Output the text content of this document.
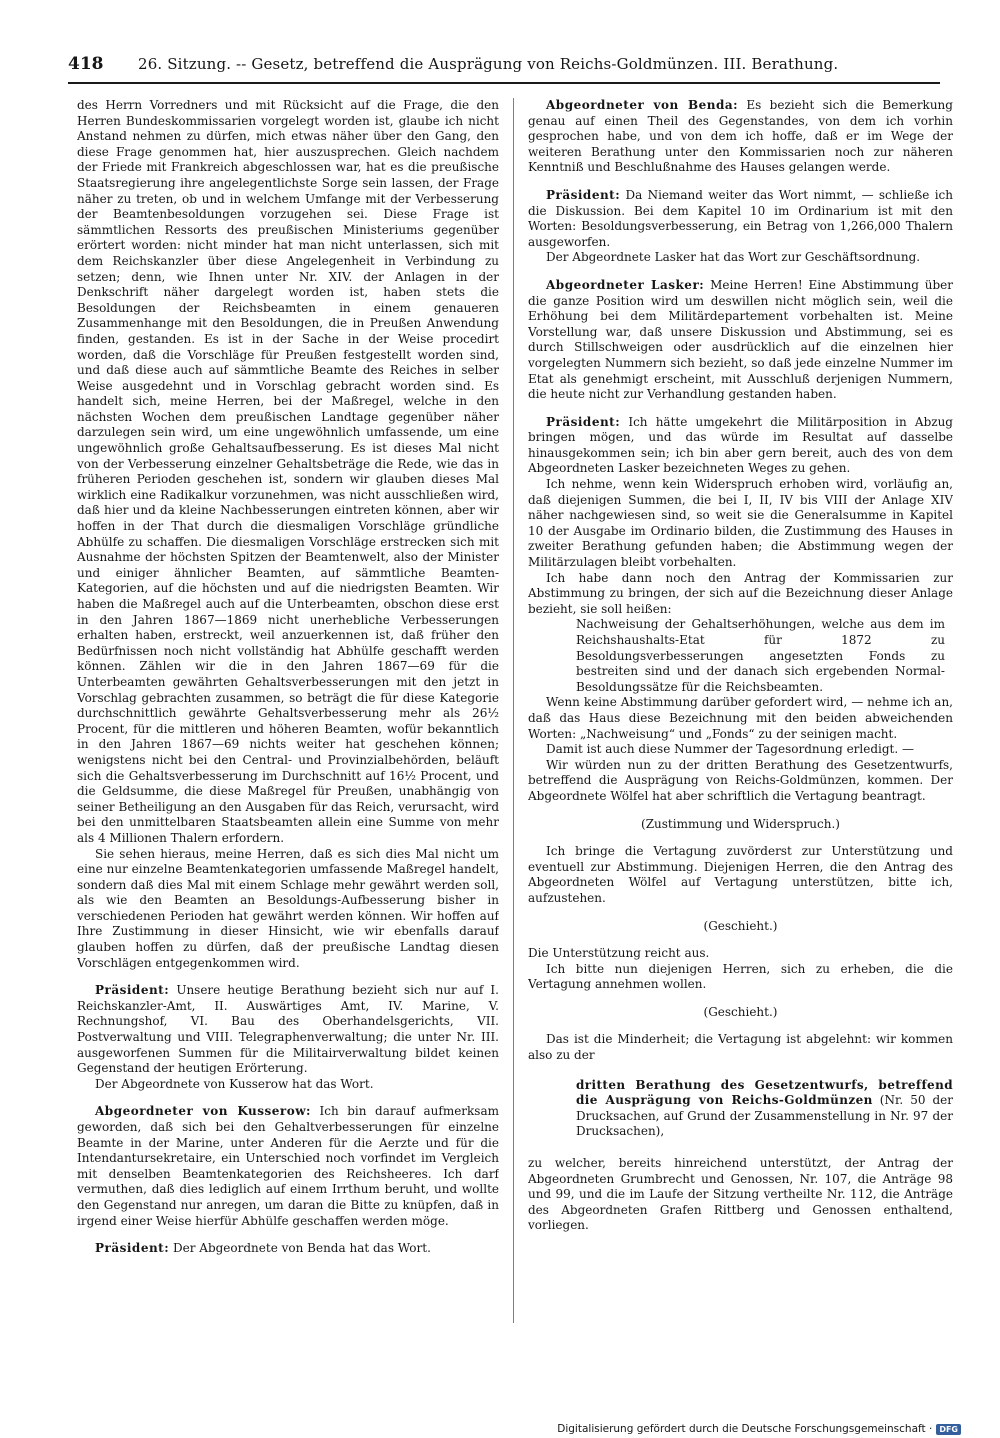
418	26. Sitzung. -- Gesetz, betreffend die Ausprägung von Reichs-Goldmünzen. III. Berathung.

des Herrn Vorredners und mit Rücksicht auf die Frage, die den Herren Bundeskommissarien vorgelegt worden ist, glaube ich nicht Anstand nehmen zu dürfen, mich etwas näher über den Gang, den diese Frage genommen hat, hier auszusprechen. Gleich nachdem der Friede mit Frankreich abgeschlossen war, hat es die preußische Staatsregierung ihre angelegentlichste Sorge sein lassen, der Frage näher zu treten, ob und in welchem Umfange mit der Verbesserung der Beamtenbesoldungen vorzugehen sei. Diese Frage ist sämmtlichen Ressorts des preußischen Ministeriums gegenüber erörtert worden: nicht minder hat man nicht unterlassen, sich mit dem Reichskanzler über diese Angelegenheit in Verbindung zu setzen; denn, wie Ihnen unter Nr. XIV. der Anlagen in der Denkschrift näher dargelegt worden ist, haben stets die Besoldungen der Reichsbeamten in einem genaueren Zusammenhange mit den Besoldungen, die in Preußen Anwendung finden, gestanden. Es ist in der Sache in der Weise procedirt worden, daß die Vorschläge für Preußen festgestellt worden sind, und daß diese auch auf sämmtliche Beamte des Reiches in selber Weise ausgedehnt und in Vorschlag gebracht worden sind. Es handelt sich, meine Herren, bei der Maßregel, welche in den nächsten Wochen dem preußischen Landtage gegenüber näher darzulegen sein wird, um eine ungewöhnlich umfassende, um eine ungewöhnlich große Gehaltsaufbesserung. Es ist dieses Mal nicht von der Verbesserung einzelner Gehaltsbeträge die Rede, wie das in früheren Perioden geschehen ist, sondern wir glauben dieses Mal wirklich eine Radikalkur vorzunehmen, was nicht ausschließen wird, daß hier und da kleine Nachbesserungen eintreten können, aber wir hoffen in der That durch die diesmaligen Vorschläge gründliche Abhülfe zu schaffen. Die diesmaligen Vorschläge erstrecken sich mit Ausnahme der höchsten Spitzen der Beamtenwelt, also der Minister und einiger ähnlicher Beamten, auf sämmtliche Beamten-Kategorien, auf die höchsten und auf die niedrigsten Beamten. Wir haben die Maßregel auch auf die Unterbeamten, obschon diese erst in den Jahren 1867—1869 nicht unerhebliche Verbesserungen erhalten haben, erstreckt, weil anzuerkennen ist, daß früher den Bedürfnissen noch nicht vollständig hat Abhülfe geschafft werden können. Zählen wir die in den Jahren 1867—69 für die Unterbeamten gewährten Gehaltsverbesserungen mit den jetzt in Vorschlag gebrachten zusammen, so beträgt die für diese Kategorie durchschnittlich gewährte Gehaltsverbesserung mehr als 26½ Procent, für die mittleren und höheren Beamten, wofür bekanntlich in den Jahren 1867—69 nichts weiter hat geschehen können; wenigstens nicht bei den Central- und Provinzialbehörden, beläuft sich die Gehaltsverbesserung im Durchschnitt auf 16½ Procent, und die Geldsumme, die diese Maßregel für Preußen, unabhängig von seiner Betheiligung an den Ausgaben für das Reich, verursacht, wird bei den unmittelbaren Staatsbeamten allein eine Summe von mehr als 4 Millionen Thalern erfordern.

Sie sehen hieraus, meine Herren, daß es sich dies Mal nicht um eine nur einzelne Beamtenkategorien umfassende Maßregel handelt, sondern daß dies Mal mit einem Schlage mehr gewährt werden soll, als wie den Beamten an Besoldungs-Aufbesserung bisher in verschiedenen Perioden hat gewährt werden können. Wir hoffen auf Ihre Zustimmung in dieser Hinsicht, wie wir ebenfalls darauf glauben hoffen zu dürfen, daß der preußische Landtag diesen Vorschlägen entgegenkommen wird.

Präsident: Unsere heutige Berathung bezieht sich nur auf I. Reichskanzler-Amt, II. Auswärtiges Amt, IV. Marine, V. Rechnungshof, VI. Bau des Oberhandelsgerichts, VII. Postverwaltung und VIII. Telegraphenverwaltung; die unter Nr. III. ausgeworfenen Summen für die Militairverwaltung bildet keinen Gegenstand der heutigen Erörterung.

Der Abgeordnete von Kusserow hat das Wort.

Abgeordneter von Kusserow: Ich bin darauf aufmerksam geworden, daß sich bei den Gehaltverbesserungen für einzelne Beamte in der Marine, unter Anderen für die Aerzte und für die Intendantursekretaire, ein Unterschied noch vorfindet im Vergleich mit denselben Beamtenkategorien des Reichsheeres. Ich darf vermuthen, daß dies lediglich auf einem Irrthum beruht, und wollte den Gegenstand nur anregen, um daran die Bitte zu knüpfen, daß in irgend einer Weise hierfür Abhülfe geschaffen werden möge.

Präsident: Der Abgeordnete von Benda hat das Wort.

Abgeordneter von Benda: Es bezieht sich die Bemerkung genau auf einen Theil des Gegenstandes, von dem ich vorhin gesprochen habe, und von dem ich hoffe, daß er im Wege der weiteren Berathung unter den Kommissarien noch zur näheren Kenntniß und Beschlußnahme des Hauses gelangen werde.

Präsident: Da Niemand weiter das Wort nimmt, — schließe ich die Diskussion. Bei dem Kapitel 10 im Ordinarium ist mit den Worten: Besoldungsverbesserung, ein Betrag von 1,266,000 Thalern ausgeworfen.

Der Abgeordnete Lasker hat das Wort zur Geschäftsordnung.

Abgeordneter Lasker: Meine Herren! Eine Abstimmung über die ganze Position wird um deswillen nicht möglich sein, weil die Erhöhung bei dem Militärdepartement vorbehalten ist. Meine Vorstellung war, daß unsere Diskussion und Abstimmung, sei es durch Stillschweigen oder ausdrücklich auf die einzelnen hier vorgelegten Nummern sich bezieht, so daß jede einzelne Nummer im Etat als genehmigt erscheint, mit Ausschluß derjenigen Nummern, die heute nicht zur Verhandlung gestanden haben.

Präsident: Ich hätte umgekehrt die Militärposition in Abzug bringen mögen, und das würde im Resultat auf dasselbe hinausgekommen sein; ich bin aber gern bereit, auch des von dem Abgeordneten Lasker bezeichneten Weges zu gehen.

Ich nehme, wenn kein Widerspruch erhoben wird, vorläufig an, daß diejenigen Summen, die bei I, II, IV bis VIII der Anlage XIV näher nachgewiesen sind, so weit sie die Generalsumme in Kapitel 10 der Ausgabe im Ordinario bilden, die Zustimmung des Hauses in zweiter Berathung gefunden haben; die Abstimmung wegen der Militärzulagen bleibt vorbehalten.

Ich habe dann noch den Antrag der Kommissarien zur Abstimmung zu bringen, der sich auf die Bezeichnung dieser Anlage bezieht, sie soll heißen:

Nachweisung der Gehaltserhöhungen, welche aus dem im Reichshaushalts-Etat für 1872 zu Besoldungsverbesserungen angesetzten Fonds zu bestreiten sind und der danach sich ergebenden Normal-Besoldungssätze für die Reichsbeamten.

Wenn keine Abstimmung darüber gefordert wird, — nehme ich an, daß das Haus diese Bezeichnung mit den beiden abweichenden Worten: „Nachweisung“ und „Fonds“ zu der seinigen macht.

Damit ist auch diese Nummer der Tagesordnung erledigt. —

Wir würden nun zu der dritten Berathung des Gesetzentwurfs, betreffend die Ausprägung von Reichs-Goldmünzen, kommen. Der Abgeordnete Wölfel hat aber schriftlich die Vertagung beantragt.

(Zustimmung und Widerspruch.)

Ich bringe die Vertagung zuvörderst zur Unterstützung und eventuell zur Abstimmung. Diejenigen Herren, die den Antrag des Abgeordneten Wölfel auf Vertagung unterstützen, bitte ich, aufzustehen.

(Geschieht.)

Die Unterstützung reicht aus.

Ich bitte nun diejenigen Herren, sich zu erheben, die die Vertagung annehmen wollen.

(Geschieht.)

Das ist die Minderheit; die Vertagung ist abgelehnt: wir kommen also zu der

dritten Berathung des Gesetzentwurfs, betreffend die Ausprägung von Reichs-Goldmünzen (Nr. 50 der Drucksachen, auf Grund der Zusammenstellung in Nr. 97 der Drucksachen),

zu welcher, bereits hinreichend unterstützt, der Antrag der Abgeordneten Grumbrecht und Genossen, Nr. 107, die Anträge 98 und 99, und die im Laufe der Sitzung vertheilte Nr. 112, die Anträge des Abgeordneten Grafen Rittberg und Genossen enthaltend, vorliegen.

Digitalisierung gefördert durch die Deutsche Forschungsgemeinschaft · DFG
